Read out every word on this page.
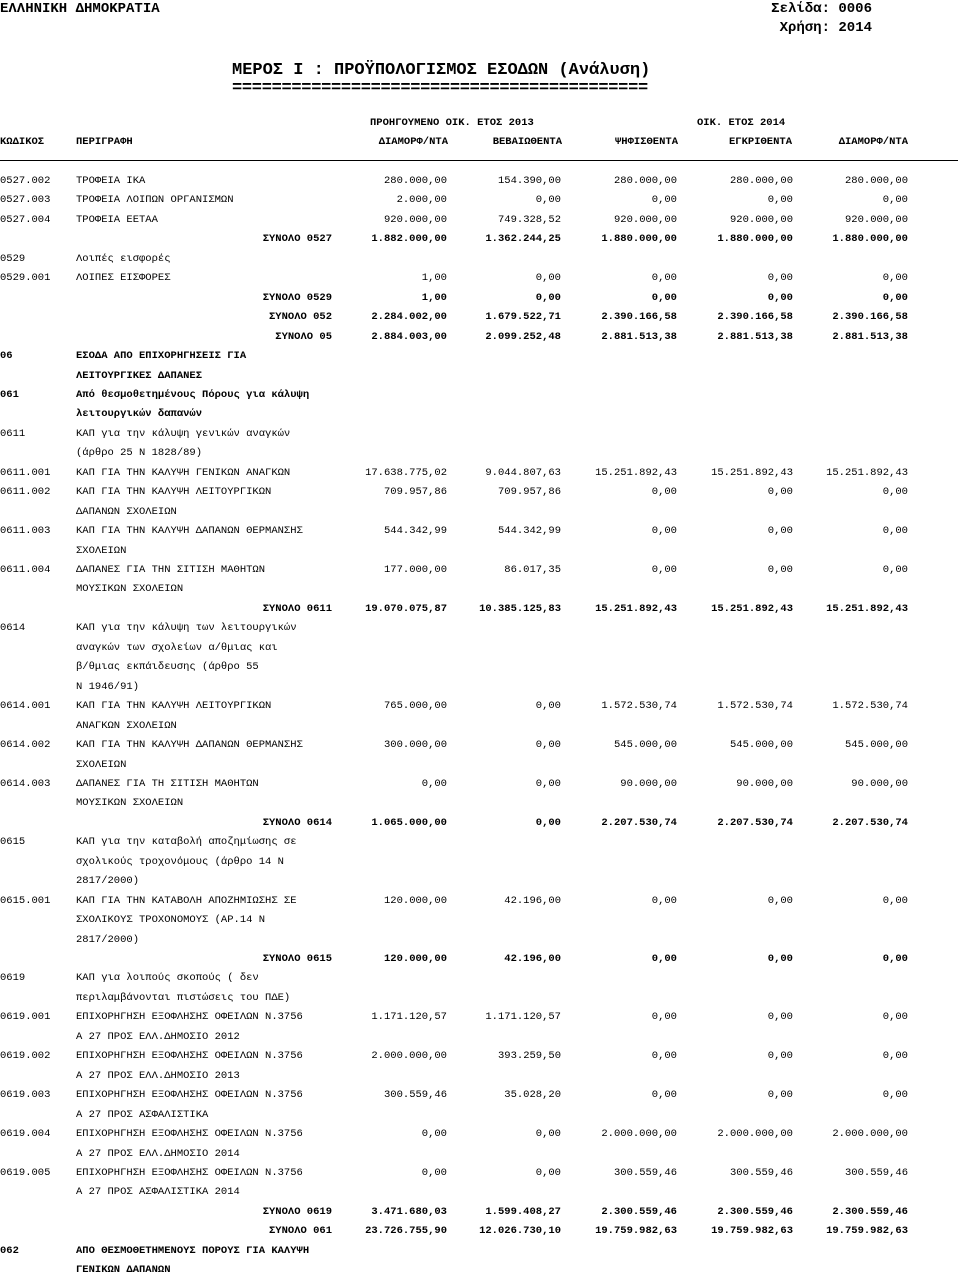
ΕΛΛΗΝΙΚΗ ΔΗΜΟΚΡΑΤΙΑ	Σελίδα: 0006
Χρήση: 2014
ΜΕΡΟΣ Ι : ΠΡΟΫΠΟΛΟΓΙΣΜΟΣ ΕΣΟΔΩΝ (Ανάλυση)
==========================================
ΠΡΟΗΓΟΥΜΕΝΟ ΟΙΚ. ΕΤΟΣ 2013	ΟΙΚ. ΕΤΟΣ 2014
ΚΩΔΙΚΟΣ	ΠΕΡΙΓΡΑΦΗ	ΔΙΑΜΟΡΦ/ΝΤΑ	ΒΕΒΑΙΩΘΕΝΤΑ	ΨΗΦΙΣΘΕΝΤΑ	ΕΓΚΡΙΘΕΝΤΑ	ΔΙΑΜΟΡΦ/ΝΤΑ
0527.002 ΤΡΟΦΕΙΑ ΙΚΑ	280.000,00	154.390,00	280.000,00	280.000,00	280.000,00
0527.003 ΤΡΟΦΕΙΑ ΛΟΙΠΩΝ ΟΡΓΑΝΙΣΜΩΝ	2.000,00	0,00	0,00	0,00	0,00
0527.004 ΤΡΟΦΕΙΑ ΕΕΤΑΑ	920.000,00	749.328,52	920.000,00	920.000,00	920.000,00
ΣΥΝΟΛΟ 0527	1.882.000,00	1.362.244,25	1.880.000,00	1.880.000,00	1.880.000,00
0529	Λοιπές εισφορές
0529.001 ΛΟΙΠΕΣ ΕΙΣΦΟΡΕΣ	1,00	0,00	0,00	0,00	0,00
ΣΥΝΟΛΟ 0529	1,00	0,00	0,00	0,00	0,00
ΣΥΝΟΛΟ 052	2.284.002,00	1.679.522,71	2.390.166,58	2.390.166,58	2.390.166,58
ΣΥΝΟΛΟ 05	2.884.003,00	2.099.252,48	2.881.513,38	2.881.513,38	2.881.513,38
06	ΕΣΟΔΑ ΑΠΟ ΕΠΙΧΟΡΗΓΗΣΕΙΣ ΓΙΑ
ΛΕΙΤΟΥΡΓΙΚΕΣ ΔΑΠΑΝΕΣ
061	Από θεσμοθετημένους Πόρους για κάλυψη
λειτουργικών δαπανών
0611	ΚΑΠ για την κάλυψη γενικών αναγκών
(άρθρο 25 Ν 1828/89)
0611.001 ΚΑΠ ΓΙΑ ΤΗΝ ΚΑΛΥΨΗ ΓΕΝΙΚΩΝ ΑΝΑΓΚΩΝ	17.638.775,02	9.044.807,63	15.251.892,43	15.251.892,43	15.251.892,43
0611.002 ΚΑΠ ΓΙΑ ΤΗΝ ΚΑΛΥΨΗ ΛΕΙΤΟΥΡΓΙΚΩΝ
ΔΑΠΑΝΩΝ ΣΧΟΛΕΙΩΝ
709.957,86	709.957,86	0,00	0,00	0,00
0611.003 ΚΑΠ ΓΙΑ ΤΗΝ ΚΑΛΥΨΗ ΔΑΠΑΝΩΝ ΘΕΡΜΑΝΣΗΣ
ΣΧΟΛΕΙΩΝ
544.342,99	544.342,99	0,00	0,00	0,00
0611.004 ΔΑΠΑΝΕΣ ΓΙΑ ΤΗΝ ΣΙΤΙΣΗ ΜΑΘΗΤΩΝ
ΜΟΥΣΙΚΩΝ ΣΧΟΛΕΙΩΝ
177.000,00	86.017,35	0,00	0,00	0,00
ΣΥΝΟΛΟ 0611	19.070.075,87	10.385.125,83	15.251.892,43	15.251.892,43	15.251.892,43
0614	ΚΑΠ για την κάλυψη των λειτουργικών
αναγκών των σχολείων α/θμιας και
β/θμιας εκπάιδευσης (άρθρο 55
Ν 1946/91)
0614.001 ΚΑΠ ΓΙΑ ΤΗΝ ΚΑΛΥΨΗ ΛΕΙΤΟΥΡΓΙΚΩΝ
ΑΝΑΓΚΩΝ ΣΧΟΛΕΙΩΝ
765.000,00	0,00	1.572.530,74	1.572.530,74	1.572.530,74
0614.002 ΚΑΠ ΓΙΑ ΤΗΝ ΚΑΛΥΨΗ ΔΑΠΑΝΩΝ ΘΕΡΜΑΝΣΗΣ
ΣΧΟΛΕΙΩΝ
300.000,00	0,00	545.000,00	545.000,00	545.000,00
0614.003 ΔΑΠΑΝΕΣ ΓΙΑ ΤΗ ΣΙΤΙΣΗ ΜΑΘΗΤΩΝ
ΜΟΥΣΙΚΩΝ ΣΧΟΛΕΙΩΝ
0,00	0,00	90.000,00	90.000,00	90.000,00
ΣΥΝΟΛΟ 0614	1.065.000,00	0,00	2.207.530,74	2.207.530,74	2.207.530,74
0615	ΚΑΠ για την καταβολή αποζημίωσης σε
σχολικούς τροχονόμους (άρθρο 14 Ν
2817/2000)
0615.001 ΚΑΠ ΓΙΑ ΤΗΝ ΚΑΤΑΒΟΛΗ ΑΠΟΖΗΜΙΩΣΗΣ ΣΕ
ΣΧΟΛΙΚΟΥΣ ΤΡΟΧΟΝΟΜΟΥΣ (ΑΡ.14 Ν
2817/2000)
120.000,00	42.196,00	0,00	0,00	0,00
ΣΥΝΟΛΟ 0615	120.000,00	42.196,00	0,00	0,00	0,00
0619	ΚΑΠ για λοιπούς σκοπούς ( δεν
περιλαμβάνονται πιστώσεις του ΠΔΕ)
0619.001 ΕΠΙΧΟΡΗΓΗΣΗ ΕΞΟΦΛΗΣΗΣ ΟΦΕΙΛΩΝ Ν.3756
Α 27 ΠΡΟΣ ΕΛΛ.ΔΗΜΟΣΙΟ 2012
1.171.120,57	1.171.120,57	0,00	0,00	0,00
0619.002 ΕΠΙΧΟΡΗΓΗΣΗ ΕΞΟΦΛΗΣΗΣ ΟΦΕΙΛΩΝ Ν.3756
Α 27 ΠΡΟΣ ΕΛΛ.ΔΗΜΟΣΙΟ 2013
2.000.000,00	393.259,50	0,00	0,00	0,00
0619.003 ΕΠΙΧΟΡΗΓΗΣΗ ΕΞΟΦΛΗΣΗΣ ΟΦΕΙΛΩΝ Ν.3756
Α 27 ΠΡΟΣ ΑΣΦΑΛΙΣΤΙΚΑ
300.559,46	35.028,20	0,00	0,00	0,00
0619.004 ΕΠΙΧΟΡΗΓΗΣΗ ΕΞΟΦΛΗΣΗΣ ΟΦΕΙΛΩΝ Ν.3756
Α 27 ΠΡΟΣ ΕΛΛ.ΔΗΜΟΣΙΟ 2014
0,00	0,00	2.000.000,00	2.000.000,00	2.000.000,00
0619.005 ΕΠΙΧΟΡΗΓΗΣΗ ΕΞΟΦΛΗΣΗΣ ΟΦΕΙΛΩΝ Ν.3756
Α 27 ΠΡΟΣ ΑΣΦΑΛΙΣΤΙΚΑ 2014
0,00	0,00	300.559,46	300.559,46	300.559,46
ΣΥΝΟΛΟ 0619	3.471.680,03	1.599.408,27	2.300.559,46	2.300.559,46	2.300.559,46
ΣΥΝΟΛΟ 061	23.726.755,90	12.026.730,10	19.759.982,63	19.759.982,63	19.759.982,63
062	ΑΠΟ ΘΕΣΜΟΘΕΤΗΜΕΝΟΥΣ ΠΟΡΟΥΣ ΓΙΑ ΚΑΛΥΨΗ
ΓΕΝΙΚΩΝ ΔΑΠΑΝΩΝ
